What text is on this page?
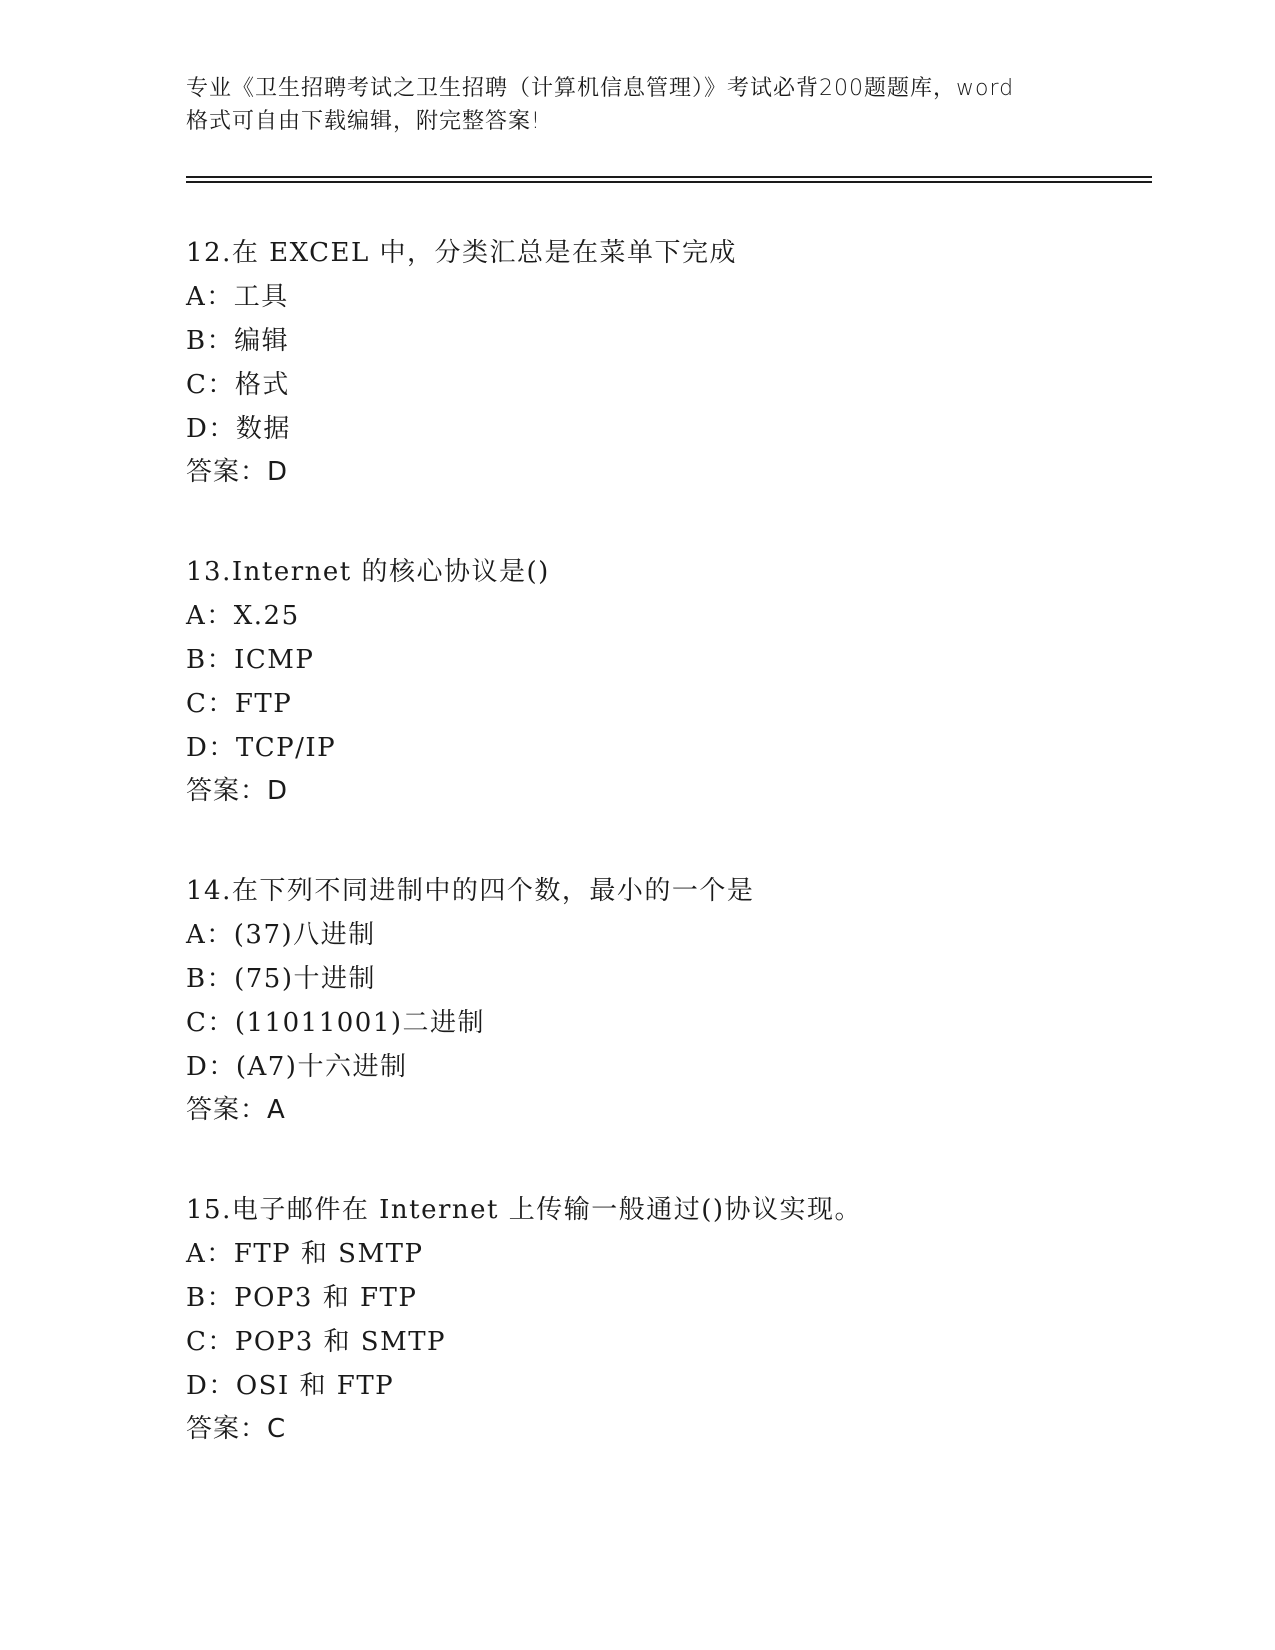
专业《卫生招聘考试之卫生招聘（计算机信息管理）》考试必背200题题库，word
格式可自由下载编辑，附完整答案!
12.在 EXCEL 中，分类汇总是在菜单下完成
A：工具
B：编辑
C：格式
D：数据
答案：D
13.Internet 的核心协议是()
A：X.25
B：ICMP
C：FTP
D：TCP/IP
答案：D
14.在下列不同进制中的四个数，最小的一个是
A：(37)八进制
B：(75)十进制
C：(11011001)二进制
D：(A7)十六进制
答案：A
15.电子邮件在 Internet 上传输一般通过()协议实现。
A：FTP 和 SMTP
B：POP3 和 FTP
C：POP3 和 SMTP
D：OSI 和 FTP
答案：C
